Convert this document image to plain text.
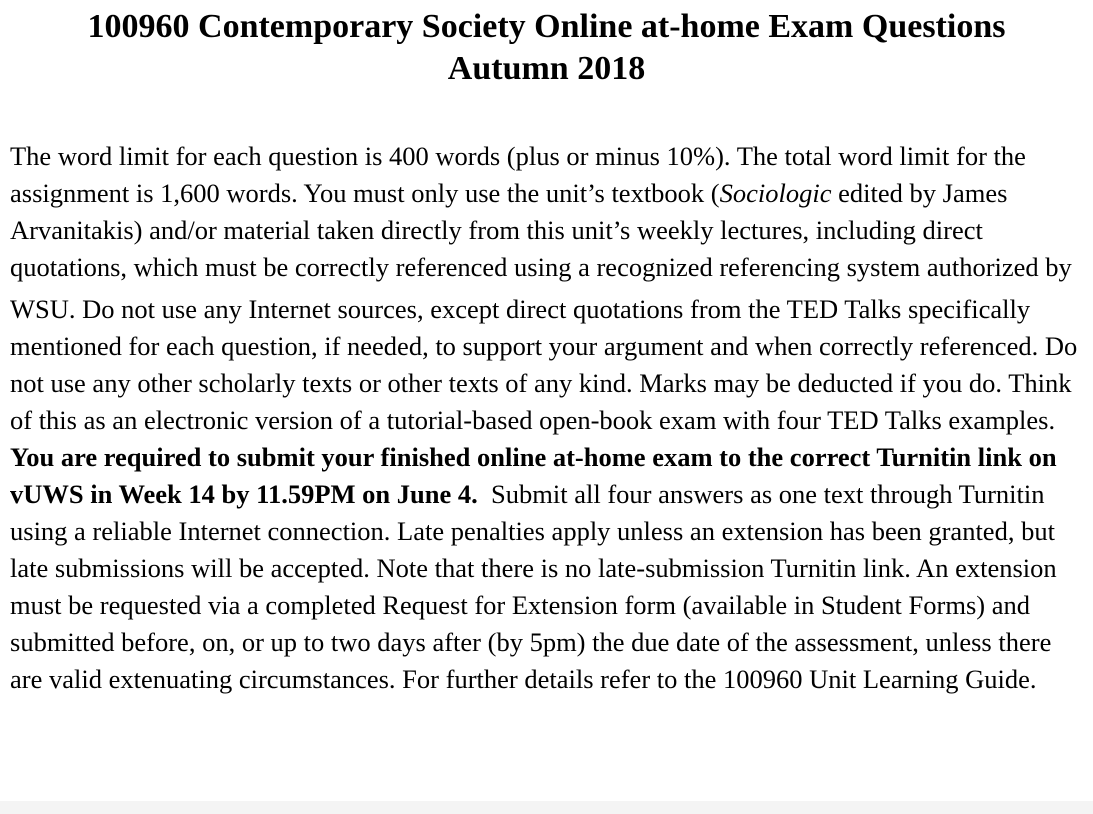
100960 Contemporary Society Online at-home Exam Questions
Autumn 2018

The word limit for each question is 400 words (plus or minus 10%). The total word limit for the assignment is 1,600 words. You must only use the unit’s textbook (Sociologic edited by James Arvanitakis) and/or material taken directly from this unit’s weekly lectures, including direct quotations, which must be correctly referenced using a recognized referencing system authorized by WSU. Do not use any Internet sources, except direct quotations from the TED Talks specifically mentioned for each question, if needed, to support your argument and when correctly referenced. Do not use any other scholarly texts or other texts of any kind. Marks may be deducted if you do. Think of this as an electronic version of a tutorial-based open-book exam with four TED Talks examples. You are required to submit your finished online at-home exam to the correct Turnitin link on vUWS in Week 14 by 11.59PM on June 4.  Submit all four answers as one text through Turnitin using a reliable Internet connection. Late penalties apply unless an extension has been granted, but late submissions will be accepted. Note that there is no late-submission Turnitin link. An extension must be requested via a completed Request for Extension form (available in Student Forms) and submitted before, on, or up to two days after (by 5pm) the due date of the assessment, unless there are valid extenuating circumstances. For further details refer to the 100960 Unit Learning Guide.
